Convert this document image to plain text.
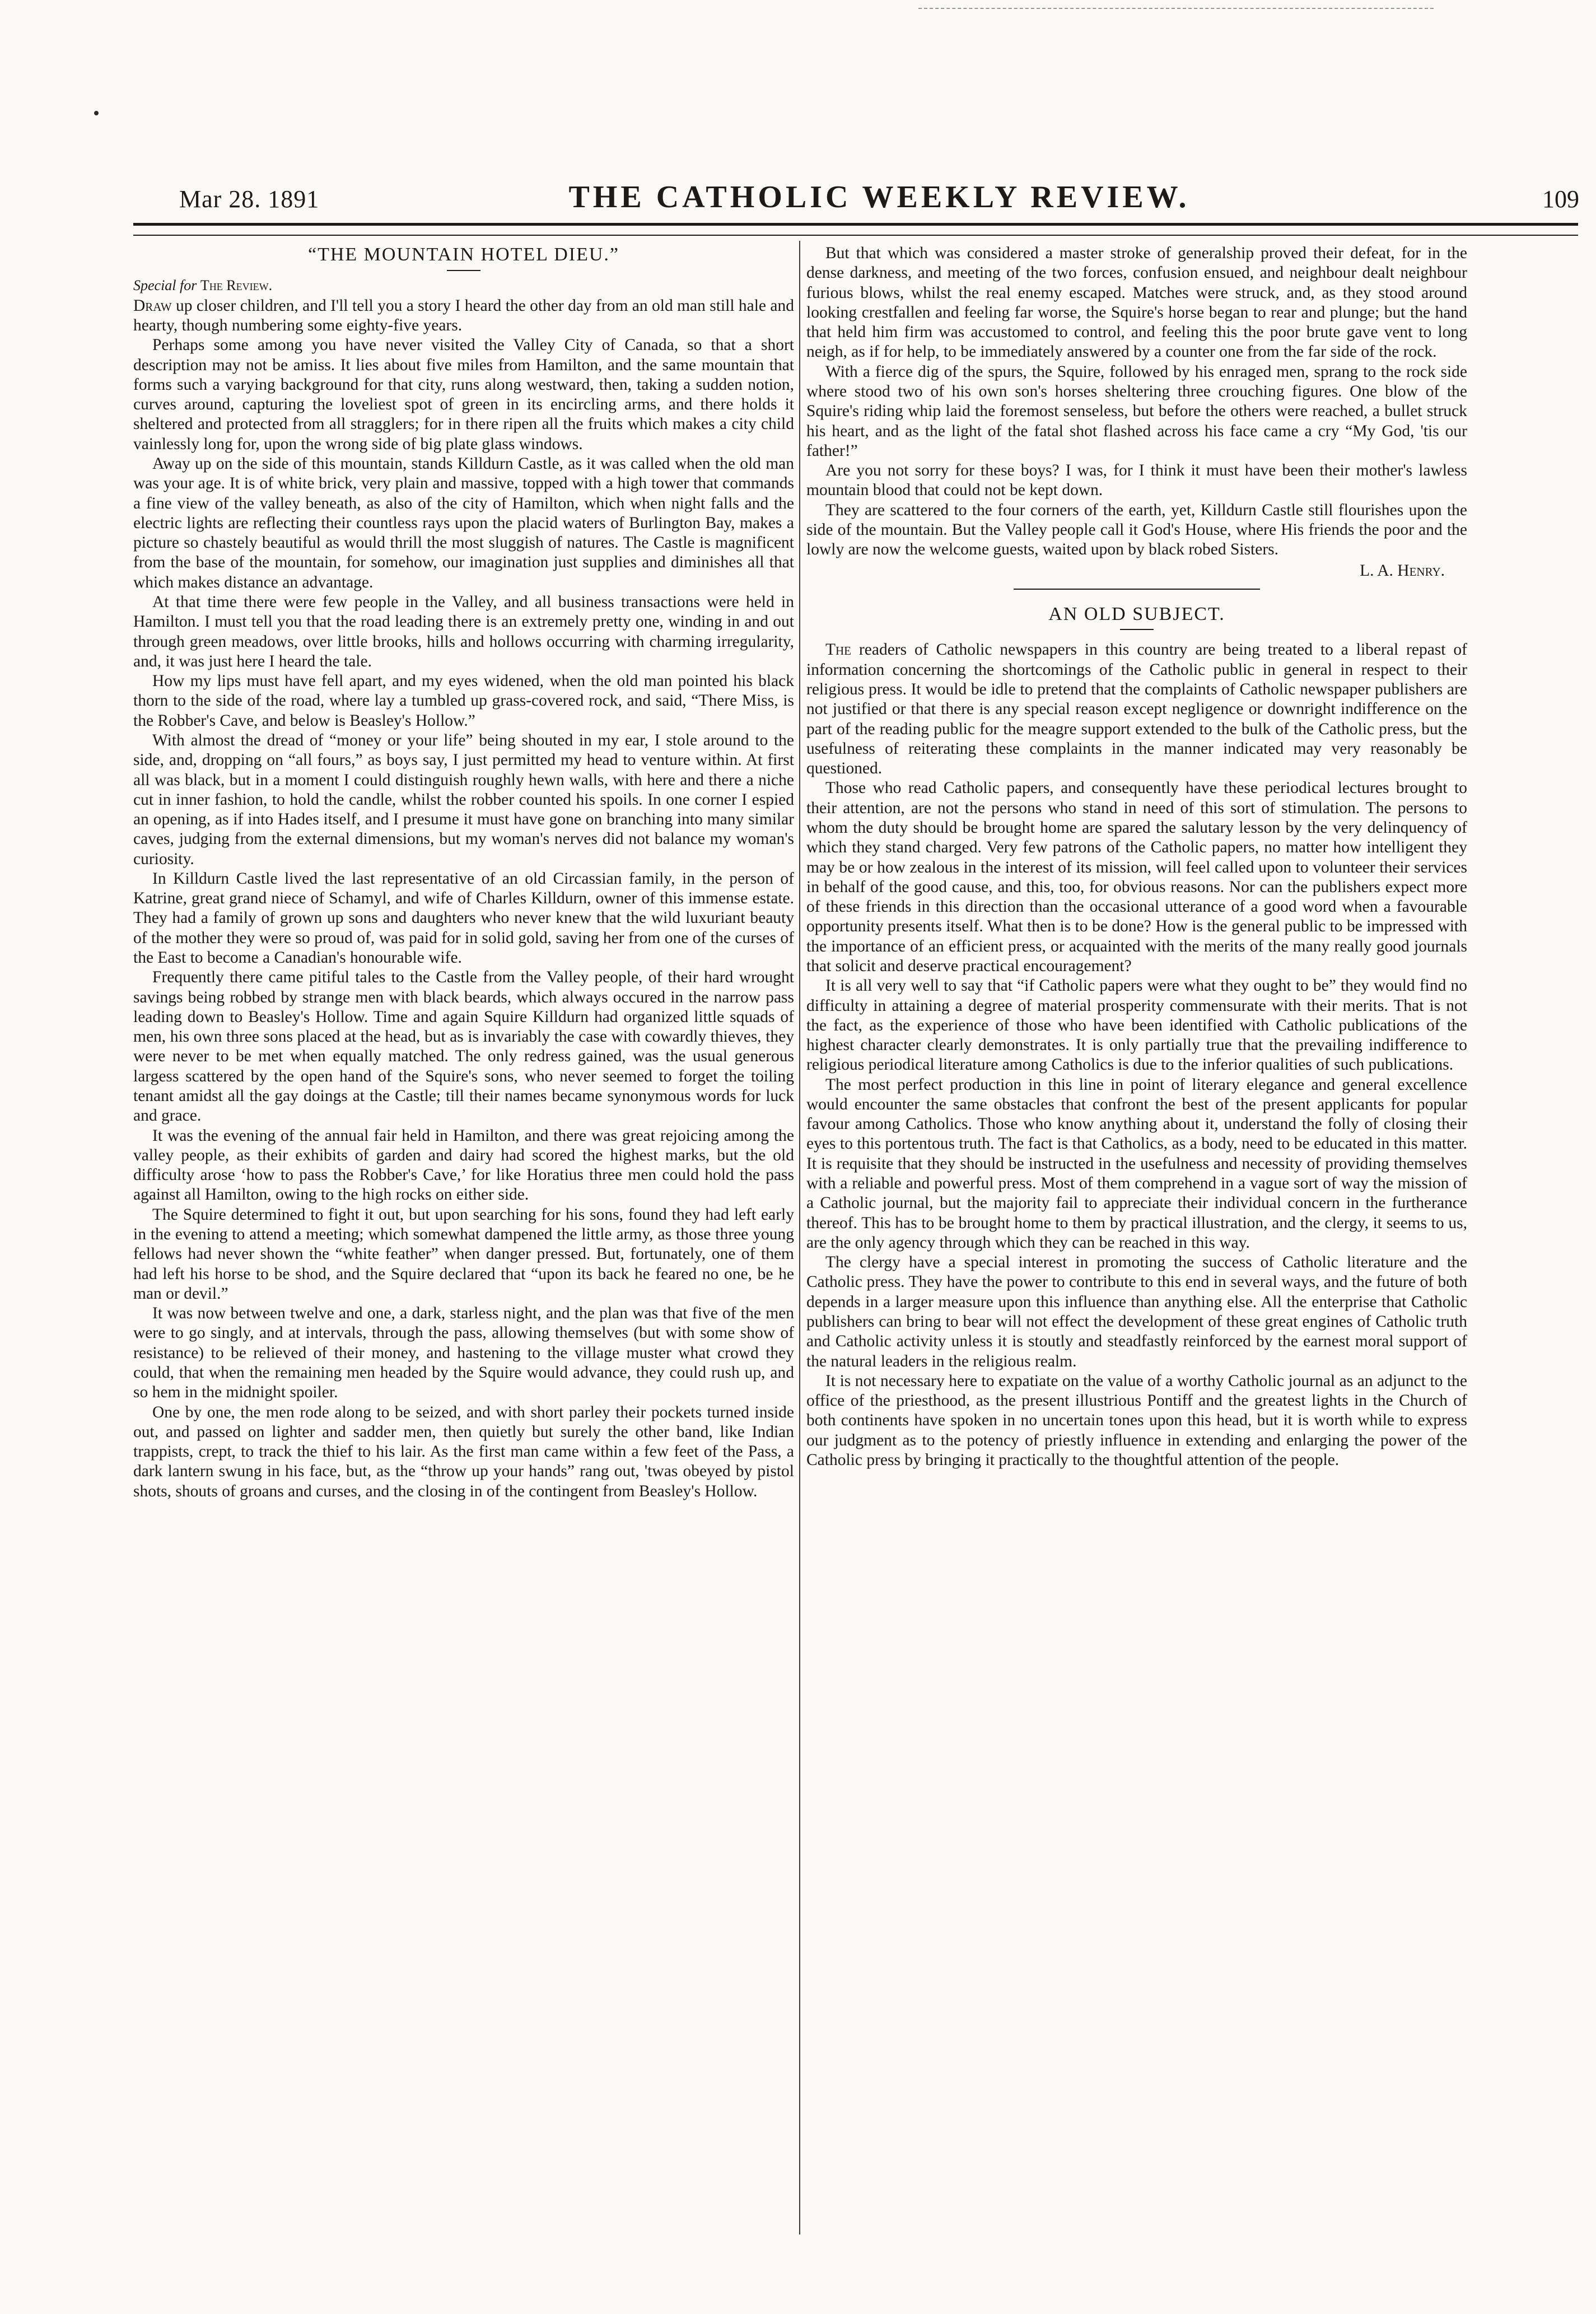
Mar 28. 1891	THE CATHOLIC WEEKLY REVIEW.	109
“THE MOUNTAIN HOTEL DIEU.”
Special for The Review.

Draw up closer children, and I'll tell you a story I heard the other day from an old man still hale and hearty, though numbering some eighty-five years.

Perhaps some among you have never visited the Valley City of Canada, so that a short description may not be amiss. It lies about five miles from Hamilton, and the same mountain that forms such a varying background for that city, runs along westward, then, taking a sudden notion, curves around, capturing the loveliest spot of green in its encircling arms, and there holds it sheltered and protected from all stragglers; for in there ripen all the fruits which makes a city child vainlessly long for, upon the wrong side of big plate glass windows.

Away up on the side of this mountain, stands Killdurn Castle, as it was called when the old man was your age. It is of white brick, very plain and massive, topped with a high tower that commands a fine view of the valley beneath, as also of the city of Hamilton, which when night falls and the electric lights are reflecting their countless rays upon the placid waters of Burlington Bay, makes a picture so chastely beautiful as would thrill the most sluggish of natures. The Castle is magnificent from the base of the mountain, for somehow, our imagination just supplies and diminishes all that which makes distance an advantage.

At that time there were few people in the Valley, and all business transactions were held in Hamilton. I must tell you that the road leading there is an extremely pretty one, winding in and out through green meadows, over little brooks, hills and hollows occurring with charming irregularity, and, it was just here I heard the tale.

How my lips must have fell apart, and my eyes widened, when the old man pointed his black thorn to the side of the road, where lay a tumbled up grass-covered rock, and said, “There Miss, is the Robber's Cave, and below is Beasley's Hollow.”

With almost the dread of “money or your life” being shouted in my ear, I stole around to the side, and, dropping on “all fours,” as boys say, I just permitted my head to venture within. At first all was black, but in a moment I could distinguish roughly hewn walls, with here and there a niche cut in inner fashion, to hold the candle, whilst the robber counted his spoils. In one corner I espied an opening, as if into Hades itself, and I presume it must have gone on branching into many similar caves, judging from the external dimensions, but my woman's nerves did not balance my woman's curiosity.

In Killdurn Castle lived the last representative of an old Circassian family, in the person of Katrine, great grand niece of Schamyl, and wife of Charles Killdurn, owner of this immense estate. They had a family of grown up sons and daughters who never knew that the wild luxuriant beauty of the mother they were so proud of, was paid for in solid gold, saving her from one of the curses of the East to become a Canadian's honourable wife.

Frequently there came pitiful tales to the Castle from the Valley people, of their hard wrought savings being robbed by strange men with black beards, which always occured in the narrow pass leading down to Beasley's Hollow. Time and again Squire Killdurn had organized little squads of men, his own three sons placed at the head, but as is invariably the case with cowardly thieves, they were never to be met when equally matched. The only redress gained, was the usual generous largess scattered by the open hand of the Squire's sons, who never seemed to forget the toiling tenant amidst all the gay doings at the Castle; till their names became synonymous words for luck and grace.

It was the evening of the annual fair held in Hamilton, and there was great rejoicing among the valley people, as their exhibits of garden and dairy had scored the highest marks, but the old difficulty arose ‘how to pass the Robber's Cave,’ for like Horatius three men could hold the pass against all Hamilton, owing to the high rocks on either side.

The Squire determined to fight it out, but upon searching for his sons, found they had left early in the evening to attend a meeting; which somewhat dampened the little army, as those three young fellows had never shown the “white feather” when danger pressed. But, fortunately, one of them had left his horse to be shod, and the Squire declared that “upon its back he feared no one, be he man or devil.”

It was now between twelve and one, a dark, starless night, and the plan was that five of the men were to go singly, and at intervals, through the pass, allowing themselves (but with some show of resistance) to be relieved of their money, and hastening to the village muster what crowd they could, that when the remaining men headed by the Squire would advance, they could rush up, and so hem in the midnight spoiler.

One by one, the men rode along to be seized, and with short parley their pockets turned inside out, and passed on lighter and sadder men, then quietly but surely the other band, like Indian trappists, crept, to track the thief to his lair. As the first man came within a few feet of the Pass, a dark lantern swung in his face, but, as the “throw up your hands” rang out, 'twas obeyed by pistol shots, shouts of groans and curses, and the closing in of the contingent from Beasley's Hollow.

But that which was considered a master stroke of generalship proved their defeat, for in the dense darkness, and meeting of the two forces, confusion ensued, and neighbour dealt neighbour furious blows, whilst the real enemy escaped. Matches were struck, and, as they stood around looking crestfallen and feeling far worse, the Squire's horse began to rear and plunge; but the hand that held him firm was accustomed to control, and feeling this the poor brute gave vent to long neigh, as if for help, to be immediately answered by a counter one from the far side of the rock.

With a fierce dig of the spurs, the Squire, followed by his enraged men, sprang to the rock side where stood two of his own son's horses sheltering three crouching figures. One blow of the Squire's riding whip laid the foremost senseless, but before the others were reached, a bullet struck his heart, and as the light of the fatal shot flashed across his face came a cry “My God, 'tis our father!”

Are you not sorry for these boys? I was, for I think it must have been their mother's lawless mountain blood that could not be kept down.

They are scattered to the four corners of the earth, yet, Killdurn Castle still flourishes upon the side of the mountain. But the Valley people call it God's House, where His friends the poor and the lowly are now the welcome guests, waited upon by black robed Sisters.

L. A. Henry.
AN OLD SUBJECT.

The readers of Catholic newspapers in this country are being treated to a liberal repast of information concerning the shortcomings of the Catholic public in general in respect to their religious press. It would be idle to pretend that the complaints of Catholic newspaper publishers are not justified or that there is any special reason except negligence or downright indifference on the part of the reading public for the meagre support extended to the bulk of the Catholic press, but the usefulness of reiterating these complaints in the manner indicated may very reasonably be questioned.

Those who read Catholic papers, and consequently have these periodical lectures brought to their attention, are not the persons who stand in need of this sort of stimulation. The persons to whom the duty should be brought home are spared the salutary lesson by the very delinquency of which they stand charged. Very few patrons of the Catholic papers, no matter how intelligent they may be or how zealous in the interest of its mission, will feel called upon to volunteer their services in behalf of the good cause, and this, too, for obvious reasons. Nor can the publishers expect more of these friends in this direction than the occasional utterance of a good word when a favourable opportunity presents itself. What then is to be done? How is the general public to be impressed with the importance of an efficient press, or acquainted with the merits of the many really good journals that solicit and deserve practical encouragement?

It is all very well to say that “if Catholic papers were what they ought to be” they would find no difficulty in attaining a degree of material prosperity commensurate with their merits. That is not the fact, as the experience of those who have been identified with Catholic publications of the highest character clearly demonstrates. It is only partially true that the prevailing indifference to religious periodical literature among Catholics is due to the inferior qualities of such publications.

The most perfect production in this line in point of literary elegance and general excellence would encounter the same obstacles that confront the best of the present applicants for popular favour among Catholics. Those who know anything about it, understand the folly of closing their eyes to this portentous truth. The fact is that Catholics, as a body, need to be educated in this matter. It is requisite that they should be instructed in the usefulness and necessity of providing themselves with a reliable and powerful press. Most of them comprehend in a vague sort of way the mission of a Catholic journal, but the majority fail to appreciate their individual concern in the furtherance thereof. This has to be brought home to them by practical illustration, and the clergy, it seems to us, are the only agency through which they can be reached in this way.

The clergy have a special interest in promoting the success of Catholic literature and the Catholic press. They have the power to contribute to this end in several ways, and the future of both depends in a larger measure upon this influence than anything else. All the enterprise that Catholic publishers can bring to bear will not effect the development of these great engines of Catholic truth and Catholic activity unless it is stoutly and steadfastly reinforced by the earnest moral support of the natural leaders in the religious realm.

It is not necessary here to expatiate on the value of a worthy Catholic journal as an adjunct to the office of the priesthood, as the present illustrious Pontiff and the greatest lights in the Church of both continents have spoken in no uncertain tones upon this head, but it is worth while to express our judgment as to the potency of priestly influence in extending and enlarging the power of the Catholic press by bringing it practically to the thoughtful attention of the people.
